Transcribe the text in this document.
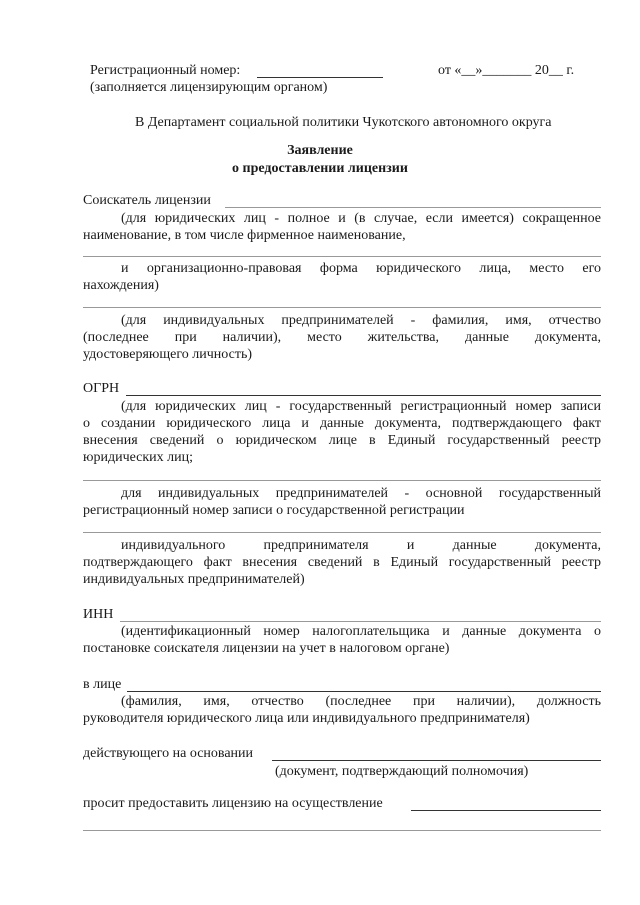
Регистрационный номер:	от «__»_______ 20__ г.
(заполняется лицензирующим органом)
В Департамент социальной политики Чукотского автономного округа
Заявление
о предоставлении лицензии
Соискатель лицензии
(для юридических лиц - полное и (в случае, если имеется) сокращенное
наименование, в том числе фирменное наименование,
и организационно-правовая форма юридического лица, место его
нахождения)
(для индивидуальных предпринимателей - фамилия, имя, отчество
(последнее при наличии), место жительства, данные документа,
удостоверяющего личность)
ОГРН
(для юридических лиц - государственный регистрационный номер записи
о создании юридического лица и данные документа, подтверждающего факт
внесения сведений о юридическом лице в Единый государственный реестр
юридических лиц;
для индивидуальных предпринимателей - основной государственный
регистрационный номер записи о государственной регистрации
индивидуального предпринимателя и данные документа,
подтверждающего факт внесения сведений в Единый государственный реестр
индивидуальных предпринимателей)
ИНН
(идентификационный номер налогоплательщика и данные документа о
постановке соискателя лицензии на учет в налоговом органе)
в лице
(фамилия, имя, отчество (последнее при наличии), должность
руководителя юридического лица или индивидуального предпринимателя)
действующего на основании
(документ, подтверждающий полномочия)
просит предоставить лицензию на осуществление
